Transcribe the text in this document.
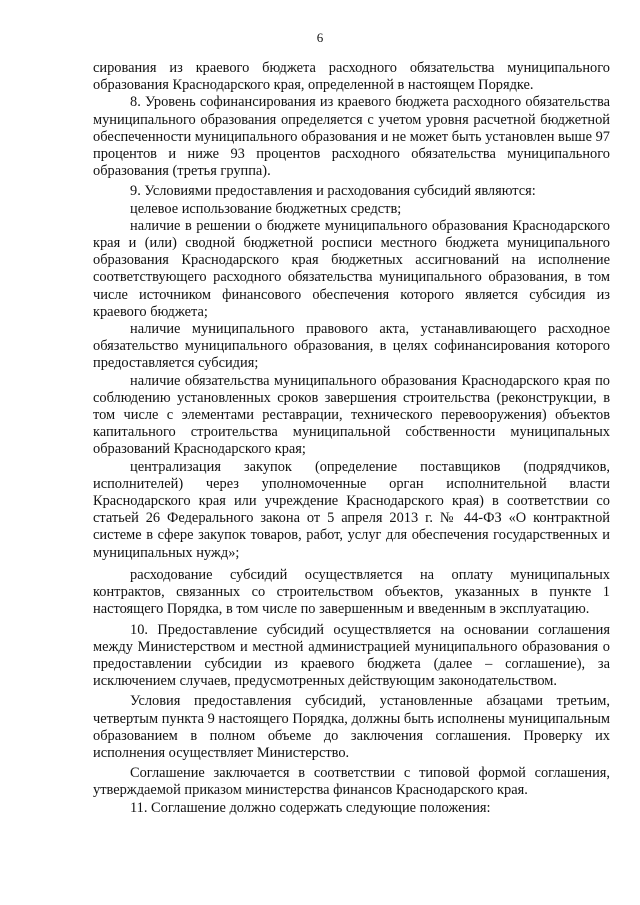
6

сирования из краевого бюджета расходного обязательства муниципального образования Краснодарского края, определенной в настоящем Порядке.

8. Уровень софинансирования из краевого бюджета расходного обязательства муниципального образования определяется с учетом уровня расчетной бюджетной обеспеченности муниципального образования и не может быть установлен выше 97 процентов и ниже 93 процентов расходного обязательства муниципального образования (третья группа).

9. Условиями предоставления и расходования субсидий являются:

целевое использование бюджетных средств;

наличие в решении о бюджете муниципального образования Краснодарского края и (или) сводной бюджетной росписи местного бюджета муниципального образования Краснодарского края бюджетных ассигнований на исполнение соответствующего расходного обязательства муниципального образования, в том числе источником финансового обеспечения которого является субсидия из краевого бюджета;

наличие муниципального правового акта, устанавливающего расходное обязательство муниципального образования, в целях софинансирования которого предоставляется субсидия;

наличие обязательства муниципального образования Краснодарского края по соблюдению установленных сроков завершения строительства (реконструкции, в том числе с элементами реставрации, технического перевооружения) объектов капитального строительства муниципальной собственности муниципальных образований Краснодарского края;

централизация закупок (определение поставщиков (подрядчиков, исполнителей) через уполномоченные орган исполнительной власти Краснодарского края или учреждение Краснодарского края) в соответствии со статьей 26 Федерального закона от 5 апреля 2013 г. № 44-ФЗ «О контрактной системе в сфере закупок товаров, работ, услуг для обеспечения государственных и муниципальных нужд»;

расходование субсидий осуществляется на оплату муниципальных контрактов, связанных со строительством объектов, указанных в пункте 1 настоящего Порядка, в том числе по завершенным и введенным в эксплуатацию.

10. Предоставление субсидий осуществляется на основании соглашения между Министерством и местной администрацией муниципального образования о предоставлении субсидии из краевого бюджета (далее – соглашение), за исключением случаев, предусмотренных действующим законодательством.

Условия предоставления субсидий, установленные абзацами третьим, четвертым пункта 9 настоящего Порядка, должны быть исполнены муниципальным образованием в полном объеме до заключения соглашения. Проверку их исполнения осуществляет Министерство.

Соглашение заключается в соответствии с типовой формой соглашения, утверждаемой приказом министерства финансов Краснодарского края.

11. Соглашение должно содержать следующие положения:
